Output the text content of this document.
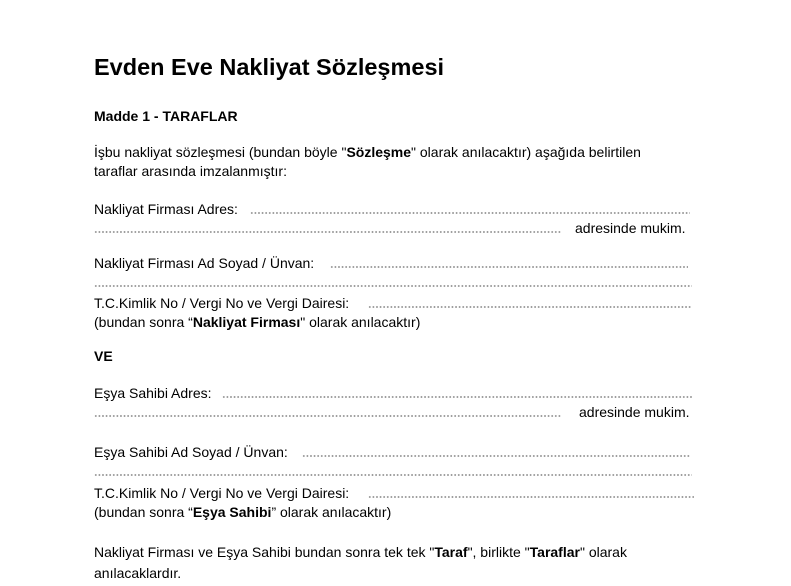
Evden Eve Nakliyat Sözleşmesi
Madde 1 - TARAFLAR
İşbu nakliyat sözleşmesi (bundan böyle "Sözleşme" olarak anılacaktır) aşağıda belirtilen
taraflar arasında imzalanmıştır:
Nakliyat Firması Adres:
adresinde mukim.
Nakliyat Firması Ad Soyad / Ünvan:
T.C.Kimlik No / Vergi No ve Vergi Dairesi:
(bundan sonra “Nakliyat Firması" olarak anılacaktır)
VE
Eşya Sahibi Adres:
adresinde mukim.
Eşya Sahibi Ad Soyad / Ünvan:
T.C.Kimlik No / Vergi No ve Vergi Dairesi:
(bundan sonra “Eşya Sahibi” olarak anılacaktır)
Nakliyat Firması ve Eşya Sahibi bundan sonra tek tek "Taraf", birlikte "Taraflar" olarak
anılacaklardır.
